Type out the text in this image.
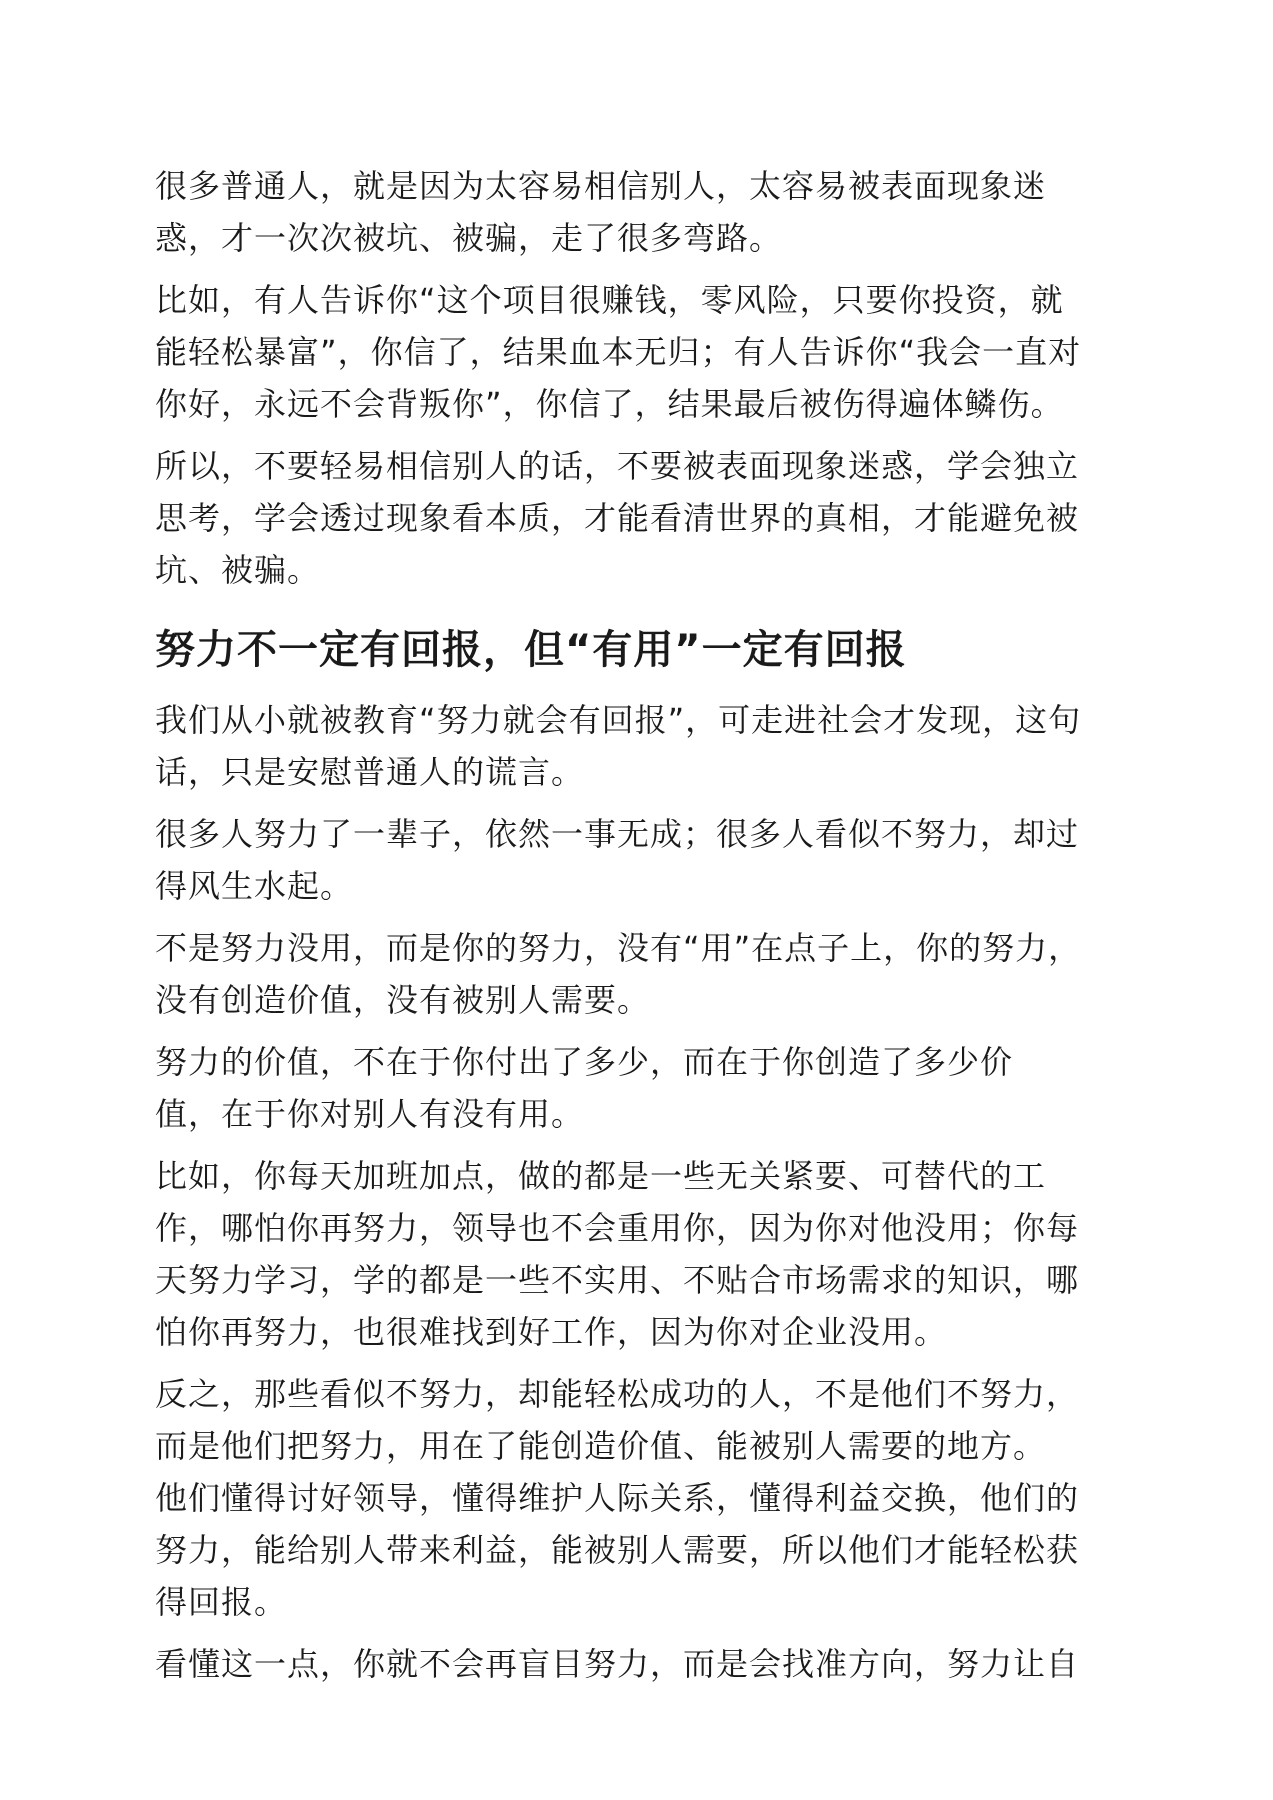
很多普通人，就是因为太容易相信别人，太容易被表面现象迷
惑，才一次次被坑、被骗，走了很多弯路。
比如，有人告诉你“这个项目很赚钱，零风险，只要你投资，就
能轻松暴富”，你信了，结果血本无归；有人告诉你“我会一直对
你好，永远不会背叛你”，你信了，结果最后被伤得遍体鳞伤。
所以，不要轻易相信别人的话，不要被表面现象迷惑，学会独立
思考，学会透过现象看本质，才能看清世界的真相，才能避免被
坑、被骗。
努力不一定有回报，但“有用”一定有回报
我们从小就被教育“努力就会有回报”，可走进社会才发现，这句
话，只是安慰普通人的谎言。
很多人努力了一辈子，依然一事无成；很多人看似不努力，却过
得风生水起。
不是努力没用，而是你的努力，没有“用”在点子上，你的努力，
没有创造价值，没有被别人需要。
努力的价值，不在于你付出了多少，而在于你创造了多少价
值，在于你对别人有没有用。
比如，你每天加班加点，做的都是一些无关紧要、可替代的工
作，哪怕你再努力，领导也不会重用你，因为你对他没用；你每
天努力学习，学的都是一些不实用、不贴合市场需求的知识，哪
怕你再努力，也很难找到好工作，因为你对企业没用。
反之，那些看似不努力，却能轻松成功的人，不是他们不努力，
而是他们把努力，用在了能创造价值、能被别人需要的地方。
他们懂得讨好领导，懂得维护人际关系，懂得利益交换，他们的
努力，能给别人带来利益，能被别人需要，所以他们才能轻松获
得回报。
看懂这一点，你就不会再盲目努力，而是会找准方向，努力让自
